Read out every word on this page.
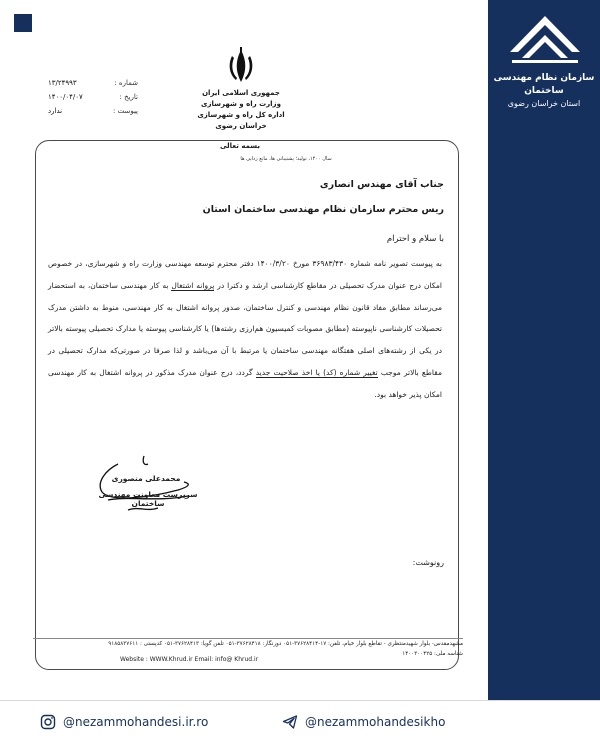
سازمان نظام مهندسی ساختمان
استان خراسان رضوی
شماره :
۱۳/۲۴۹۹۳
تاریخ :
۱۴۰۰/۰۴/۰۷
پیوست :
ندارد
جمهوری اسلامی ایران
وزارت راه و شهرسازی
اداره کل راه و شهرسازی خراسان رضوی
بسمه تعالی
سال ۱۴۰۰، تولید؛ پشتیبانی ها، مانع زدایی ها
جناب آقای مهندس انصاری
ریس محترم سازمان نظام مهندسی ساختمان استان
با سلام و احترام
به پیوست تصویر نامه شماره ۳۶۹۸۳/۴۳۰ مورخ ۱۴۰۰/۳/۲۰ دفتر محترم توسعه مهندسی وزارت راه و شهرسازی، در خصوص امکان درج عنوان مدرک تحصیلی در مقاطع کارشناسی ارشد و دکترا در پروانه اشتغال به کار مهندسی ساختمان، به استحضار می‌رساند مطابق مفاد قانون نظام مهندسی و کنترل ساختمان، صدور پروانه اشتغال به کار مهندسی، منوط به داشتن مدرک تحصیلات کارشناسی ناپیوسته (مطابق مصوبات کمیسیون هم‌ارزی رشته‌ها) یا کارشناسی پیوسته یا مدارک تحصیلی پیوسته بالاتر در یکی از رشته‌های اصلی هفتگانه مهندسی ساختمان یا مرتبط با آن می‌باشد و لذا صرفا در صورتی‌که مدارک تحصیلی در مقاطع بالاتر موجب تغییر شماره (کد) یا اخذ صلاحیت جدید گردد، درج عنوان مدرک مذکور در پروانه اشتغال به کار مهندسی امکان پذیر خواهد بود.
محمدعلی منصوری
سرپرست معاونت مهندسی ساختمان
رونوشت:
مشهدمقدس- بلوار شهیدمنتظری - تقاطع بلوار خیام، تلفن: ۱۷-۳۷۶۲۸۴۱۴-۰۵۱ دورنگار: ۳۷۶۲۸۴۱۸-۰۵۱ تلفن گویا: ۳۷۶۲۸۴۱۳-۰۵۱ کدپستی : ۹۱۸۵۸۳۷۶۱۱
شناسه ملی: ۱۴۰۰۳۰۰۴۲۵
Website : WWW.Khrud.ir Email: info@ Khrud.ir
@nezammohandesi.ir.ro	@nezammohandesikho
